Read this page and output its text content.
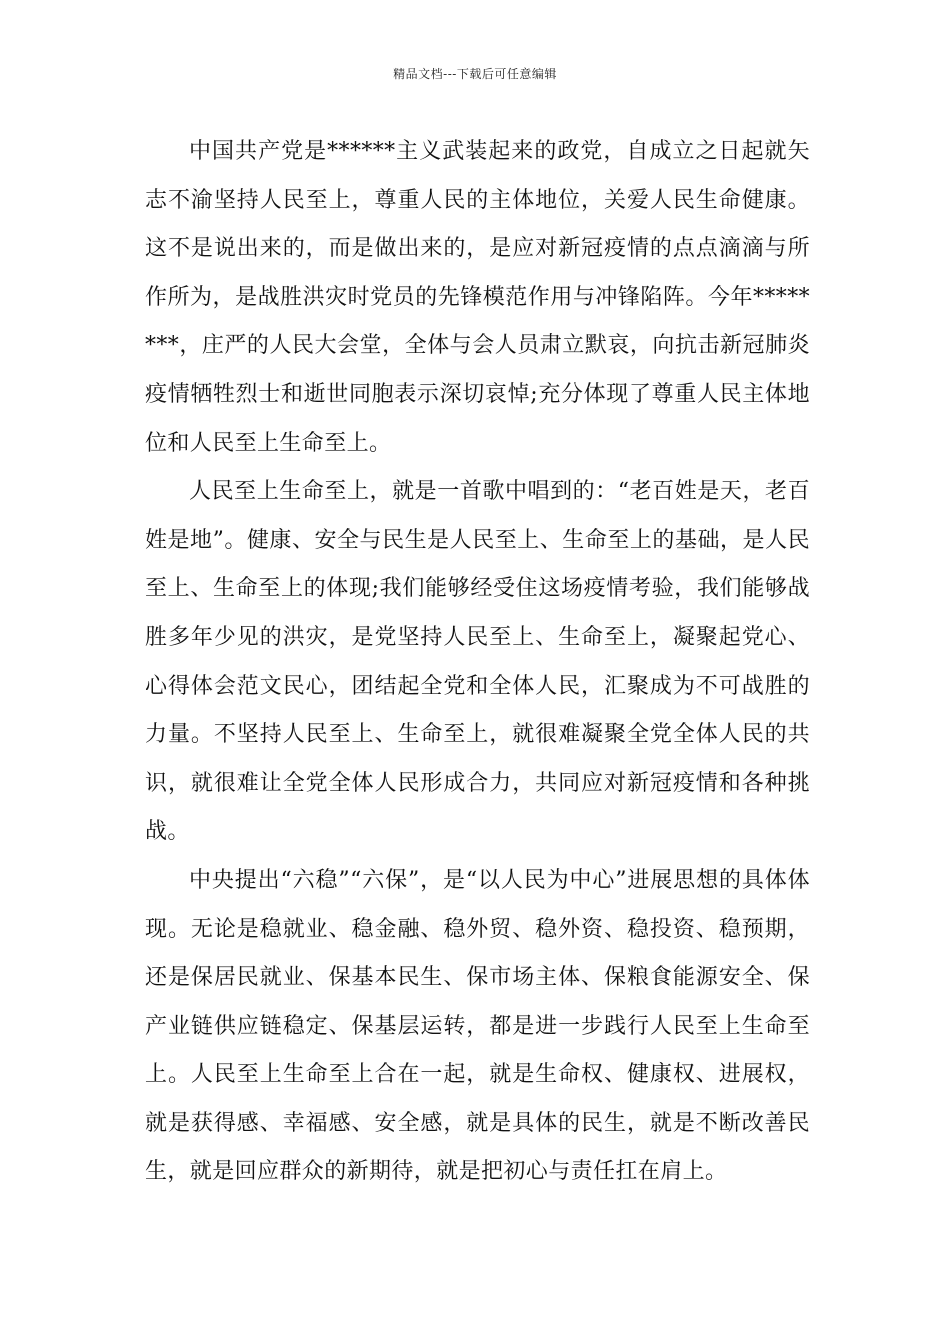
精品文档---下载后可任意编辑

中国共产党是******主义武装起来的政党，自成立之日起就矢志不渝坚持人民至上，尊重人民的主体地位，关爱人民生命健康。这不是说出来的，而是做出来的，是应对新冠疫情的点点滴滴与所作所为，是战胜洪灾时党员的先锋模范作用与冲锋陷阵。今年********，庄严的人民大会堂，全体与会人员肃立默哀，向抗击新冠肺炎疫情牺牲烈士和逝世同胞表示深切哀悼;充分体现了尊重人民主体地位和人民至上生命至上。

人民至上生命至上，就是一首歌中唱到的：“老百姓是天，老百姓是地”。健康、安全与民生是人民至上、生命至上的基础，是人民至上、生命至上的体现;我们能够经受住这场疫情考验，我们能够战胜多年少见的洪灾，是党坚持人民至上、生命至上，凝聚起党心、心得体会范文民心，团结起全党和全体人民，汇聚成为不可战胜的力量。不坚持人民至上、生命至上，就很难凝聚全党全体人民的共识，就很难让全党全体人民形成合力，共同应对新冠疫情和各种挑战。

中央提出“六稳”“六保”，是“以人民为中心”进展思想的具体体现。无论是稳就业、稳金融、稳外贸、稳外资、稳投资、稳预期，还是保居民就业、保基本民生、保市场主体、保粮食能源安全、保产业链供应链稳定、保基层运转，都是进一步践行人民至上生命至上。人民至上生命至上合在一起，就是生命权、健康权、进展权，就是获得感、幸福感、安全感，就是具体的民生，就是不断改善民生，就是回应群众的新期待，就是把初心与责任扛在肩上。
